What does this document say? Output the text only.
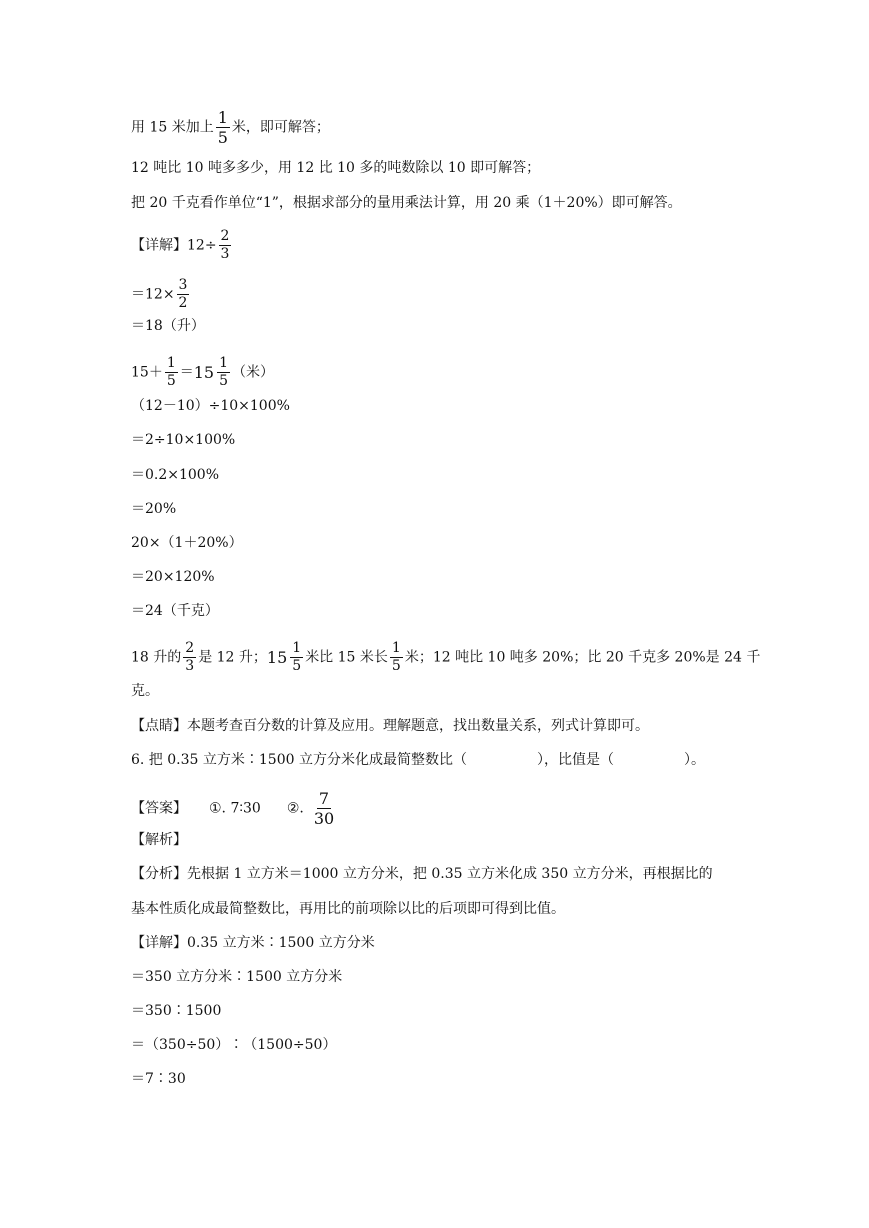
用 15 米加上 $\frac{1}{5}$ 米，即可解答；
12 吨比 10 吨多多少，用 12 比 10 多的吨数除以 10 即可解答；
把 20 千克看作单位“1”，根据求部分的量用乘法计算，用 20 乘（1＋20%）即可解答。
【详解】$12\div \frac{2}{3}$
$=12\times \frac{3}{2}$
＝18（升）
$15+ \frac{1}{5} = 15 \frac{1}{5}$ （米）
（12－10）÷10×100%
＝2÷10×100%
＝0.2×100%
＝20%
20×（1＋20%）
＝20×120%
＝24（千克）
18 升的 $\frac{2}{3}$ 是 12 升； $15 \frac{1}{5}$ 米比 15 米长 $\frac{1}{5}$ 米；12 吨比 10 吨多 20%；比 20 千克多 20%是 24 千
克。
【点睛】本题考查百分数的计算及应用。理解题意，找出数量关系，列式计算即可。
6. 把 0.35 立方米∶1500 立方分米化成最简整数比（	），比值是（	）。
【答案】 ①. 7∶30 ②. $\frac{7}{30}$
【解析】
【分析】先根据 1 立方米＝1000 立方分米，把 0.35 立方米化成 350 立方分米，再根据比的
基本性质化成最简整数比，再用比的前项除以比的后项即可得到比值。
【详解】0.35 立方米∶1500 立方分米
＝350 立方分米∶1500 立方分米
＝350∶1500
＝（350÷50）∶（1500÷50）
＝7∶30
